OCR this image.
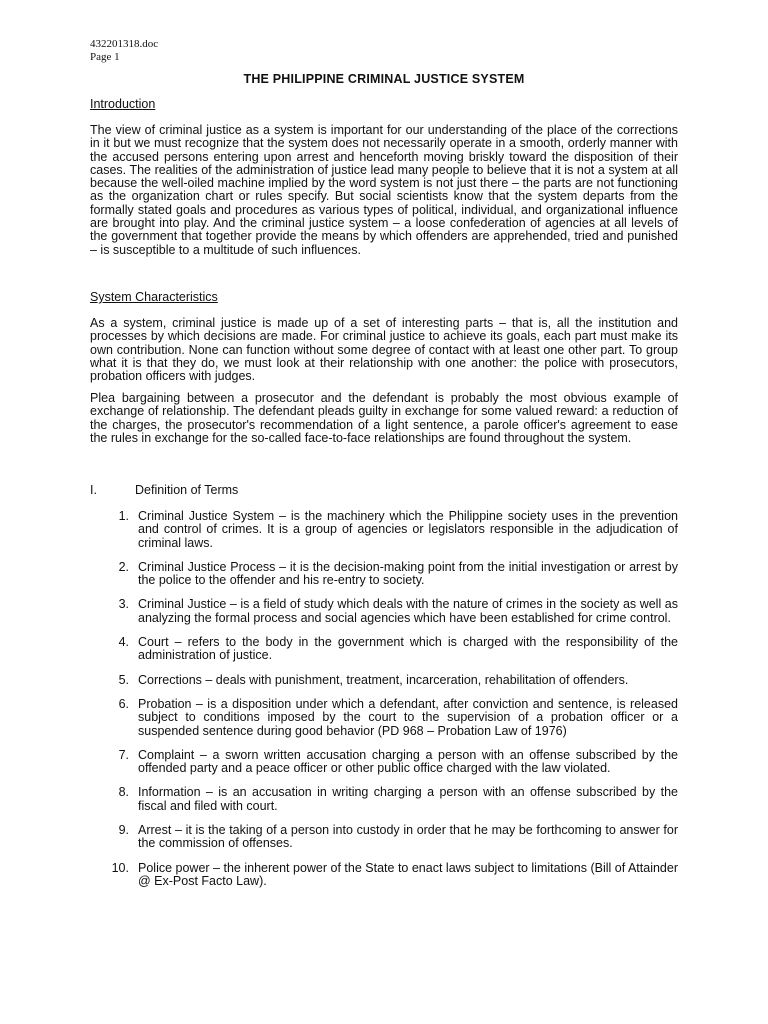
432201318.doc
Page 1
THE PHILIPPINE CRIMINAL JUSTICE SYSTEM
Introduction

The view of criminal justice as a system is important for our understanding of the place of the corrections in it but we must recognize that the system does not necessarily operate in a smooth, orderly manner with the accused persons entering upon arrest and henceforth moving briskly toward the disposition of their cases. The realities of the administration of justice lead many people to believe that it is not a system at all because the well-oiled machine implied by the word system is not just there – the parts are not functioning as the organization chart or rules specify. But social scientists know that the system departs from the formally stated goals and procedures as various types of political, individual, and organizational influence are brought into play. And the criminal justice system – a loose confederation of agencies at all levels of the government that together provide the means by which offenders are apprehended, tried and punished – is susceptible to a multitude of such influences.

System Characteristics

As a system, criminal justice is made up of a set of interesting parts – that is, all the institution and processes by which decisions are made. For criminal justice to achieve its goals, each part must make its own contribution. None can function without some degree of contact with at least one other part. To group what it is that they do, we must look at their relationship with one another: the police with prosecutors, probation officers with judges.

Plea bargaining between a prosecutor and the defendant is probably the most obvious example of exchange of relationship. The defendant pleads guilty in exchange for some valued reward: a reduction of the charges, the prosecutor's recommendation of a light sentence, a parole officer's agreement to ease the rules in exchange for the so-called face-to-face relationships are found throughout the system.

I.	Definition of Terms
1. Criminal Justice System – is the machinery which the Philippine society uses in the prevention and control of crimes. It is a group of agencies or legislators responsible in the adjudication of criminal laws.
2. Criminal Justice Process – it is the decision-making point from the initial investigation or arrest by the police to the offender and his re-entry to society.
3. Criminal Justice – is a field of study which deals with the nature of crimes in the society as well as analyzing the formal process and social agencies which have been established for crime control.
4. Court – refers to the body in the government which is charged with the responsibility of the administration of justice.
5. Corrections – deals with punishment, treatment, incarceration, rehabilitation of offenders.
6. Probation – is a disposition under which a defendant, after conviction and sentence, is released subject to conditions imposed by the court to the supervision of a probation officer or a suspended sentence during good behavior (PD 968 – Probation Law of 1976)
7. Complaint – a sworn written accusation charging a person with an offense subscribed by the offended party and a peace officer or other public office charged with the law violated.
8. Information – is an accusation in writing charging a person with an offense subscribed by the fiscal and filed with court.
9. Arrest – it is the taking of a person into custody in order that he may be forthcoming to answer for the commission of offenses.
10. Police power – the inherent power of the State to enact laws subject to limitations (Bill of Attainder @ Ex-Post Facto Law).
